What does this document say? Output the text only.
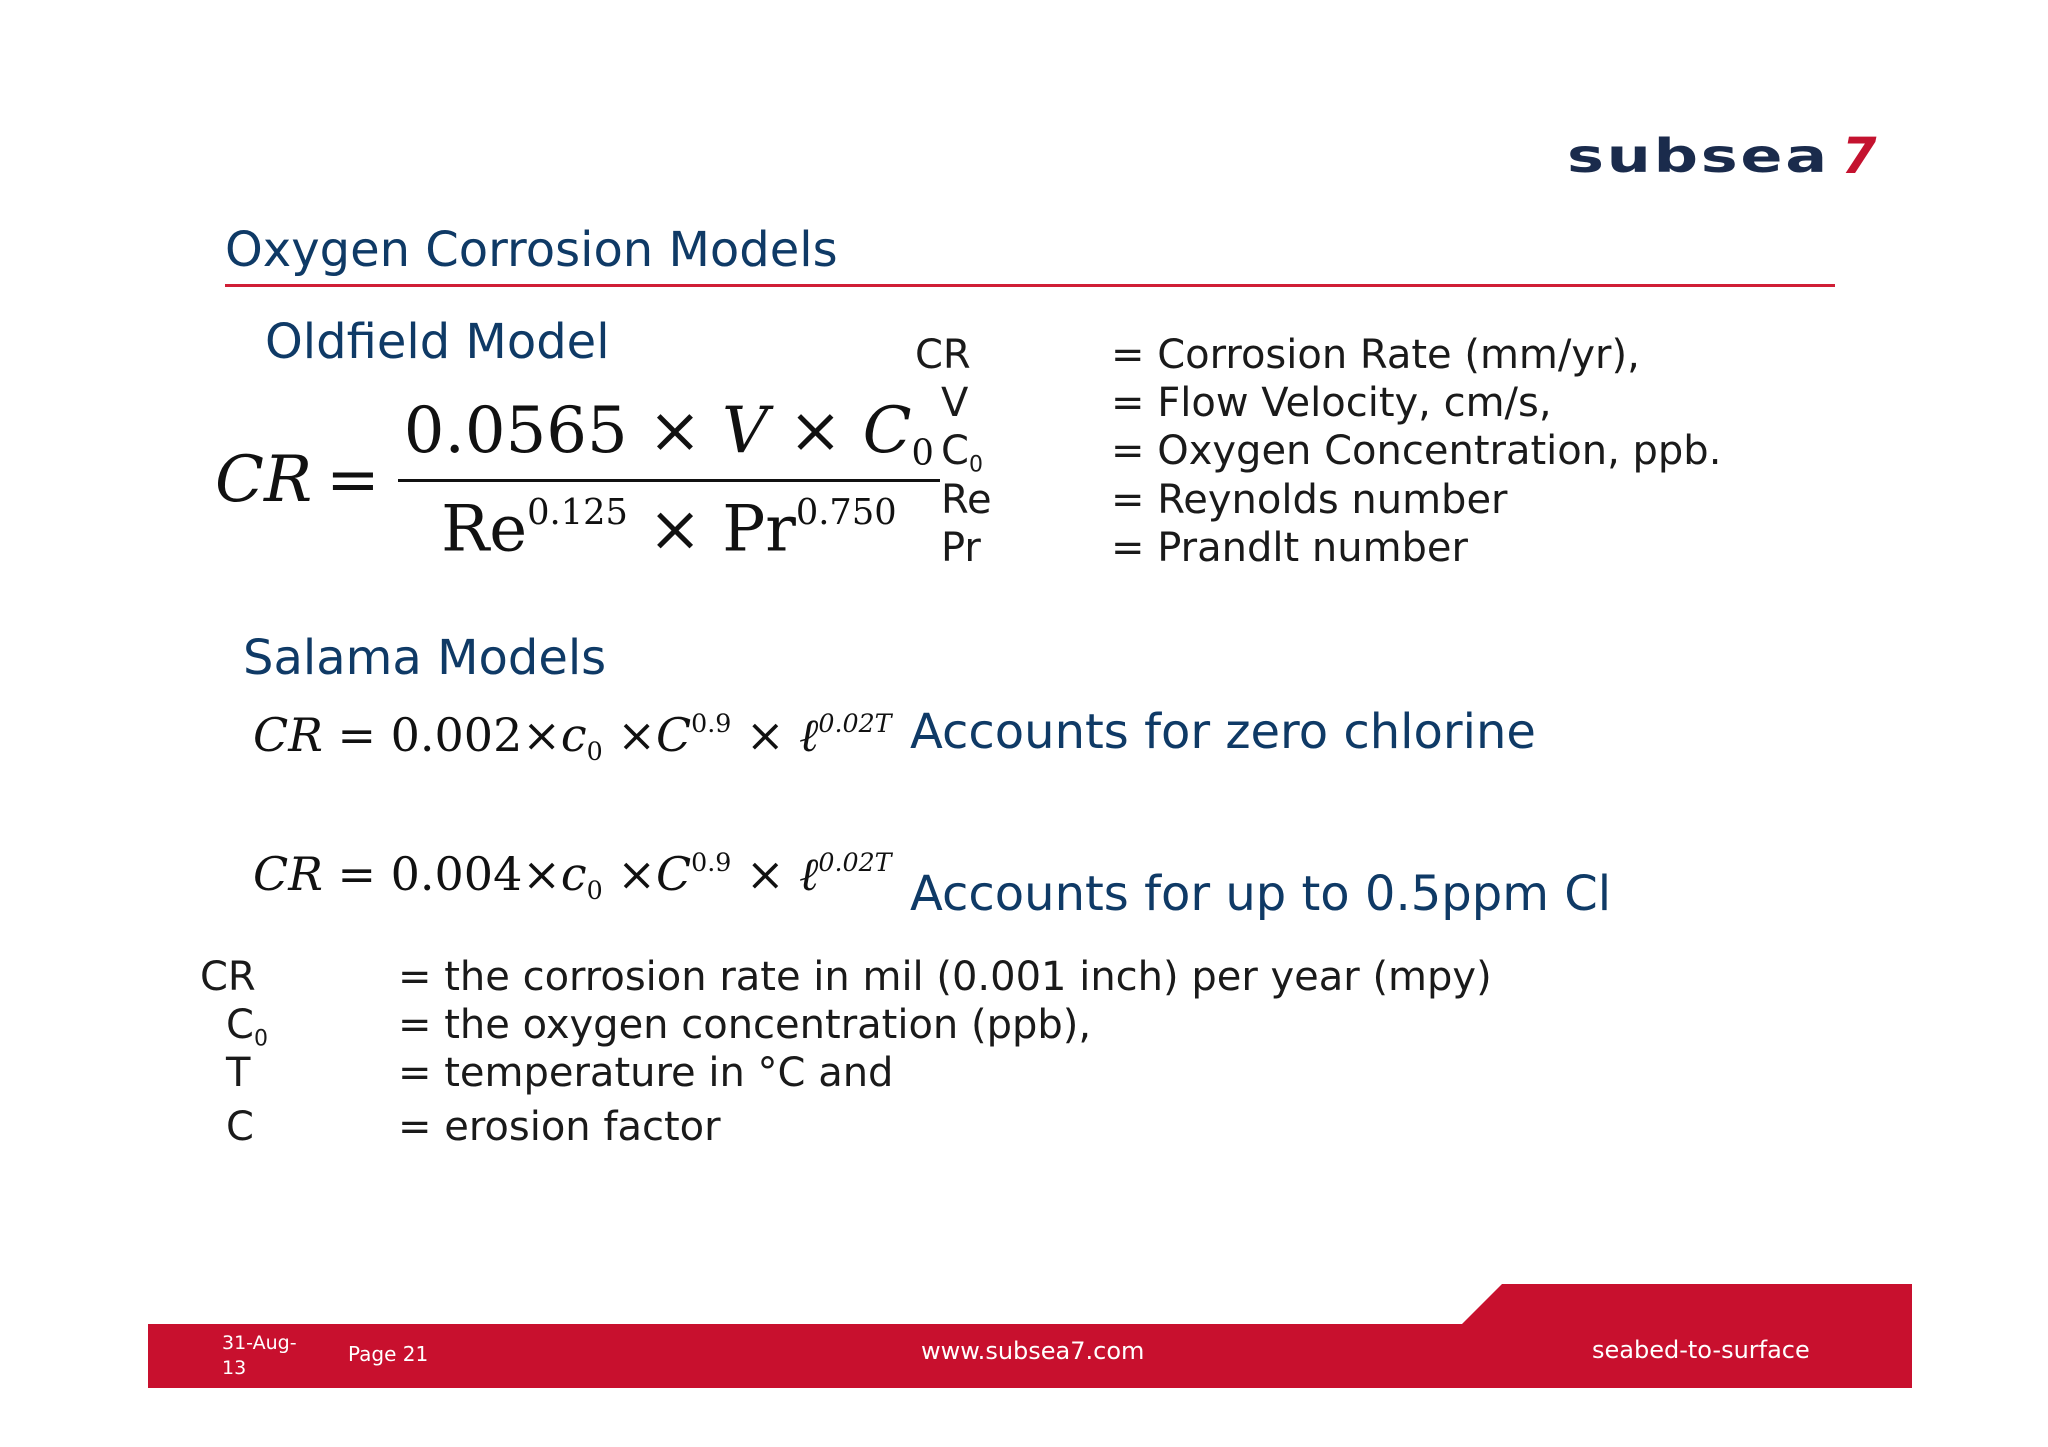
subsea 7
Oxygen Corrosion Models
Oldfield Model
CR = $\frac{0.0565 \times V \times C_0}{Re^{0.125} \times Pr^{0.750}}$
CR	= Corrosion Rate (mm/yr),
V	= Flow Velocity, cm/s,
$C_0$	= Oxygen Concentration, ppb.
Re	= Reynolds number
Pr	= Prandlt number
Salama Models
CR = $0.002\times c_0 \times C^{0.9}$ × ℓ$^{0.02T}$ Accounts for zero chlorine
CR = $0.004\times c_0 \times C^{0.9}$ × ℓ$^{0.02T}$
Accounts for up to 0.5ppm Cl
CR	= the corrosion rate in mil (0.001 inch) per year (mpy)
$C_0$	= the oxygen concentration (ppb),
T	= temperature in °C and
C	= erosion factor
31-Aug-
13
Page 21	www.subsea7.com	seabed-to-surface
